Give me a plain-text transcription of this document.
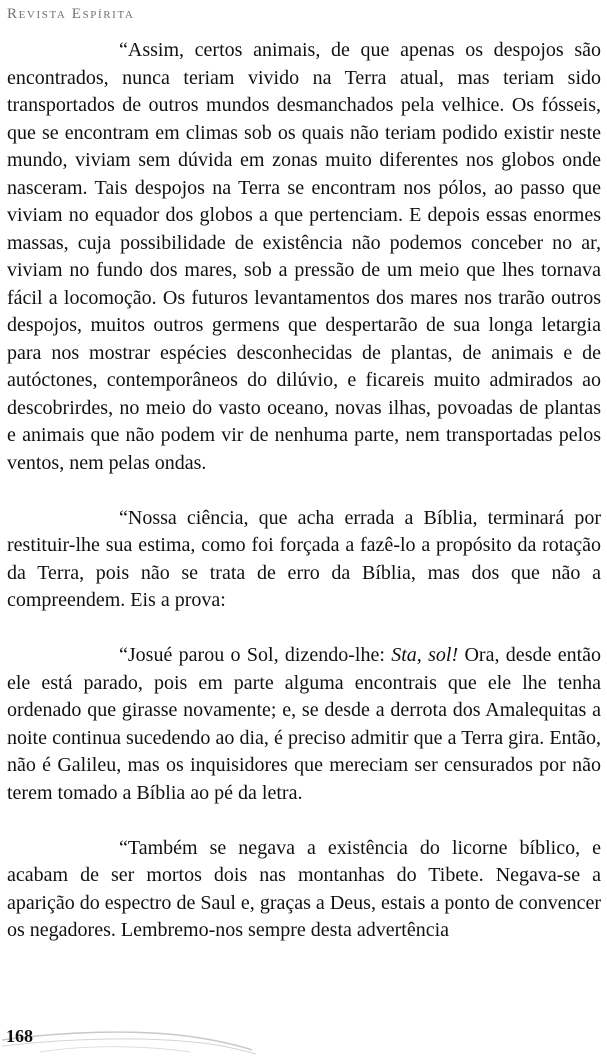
Revista Espírita

“Assim, certos animais, de que apenas os despojos são encontrados, nunca teriam vivido na Terra atual, mas teriam sido transportados de outros mundos desmanchados pela velhice. Os fósseis, que se encontram em climas sob os quais não teriam podido existir neste mundo, viviam sem dúvida em zonas muito diferentes nos globos onde nasceram. Tais despojos na Terra se encontram nos pólos, ao passo que viviam no equador dos globos a que pertenciam. E depois essas enormes massas, cuja possibilidade de existência não podemos conceber no ar, viviam no fundo dos mares, sob a pressão de um meio que lhes tornava fácil a locomoção. Os futuros levantamentos dos mares nos trarão outros despojos, muitos outros germens que despertarão de sua longa letargia para nos mostrar espécies desconhecidas de plantas, de animais e de autóctones, contemporâneos do dilúvio, e ficareis muito admirados ao descobrirdes, no meio do vasto oceano, novas ilhas, povoadas de plantas e animais que não podem vir de nenhuma parte, nem transportadas pelos ventos, nem pelas ondas.

“Nossa ciência, que acha errada a Bíblia, terminará por restituir-lhe sua estima, como foi forçada a fazê-lo a propósito da rotação da Terra, pois não se trata de erro da Bíblia, mas dos que não a compreendem. Eis a prova:

“Josué parou o Sol, dizendo-lhe: Sta, sol! Ora, desde então ele está parado, pois em parte alguma encontrais que ele lhe tenha ordenado que girasse novamente; e, se desde a derrota dos Amalequitas a noite continua sucedendo ao dia, é preciso admitir que a Terra gira. Então, não é Galileu, mas os inquisidores que mereciam ser censurados por não terem tomado a Bíblia ao pé da letra.

“Também se negava a existência do licorne bíblico, e acabam de ser mortos dois nas montanhas do Tibete. Negava-se a aparição do espectro de Saul e, graças a Deus, estais a ponto de convencer os negadores. Lembremo-nos sempre desta advertência

168
